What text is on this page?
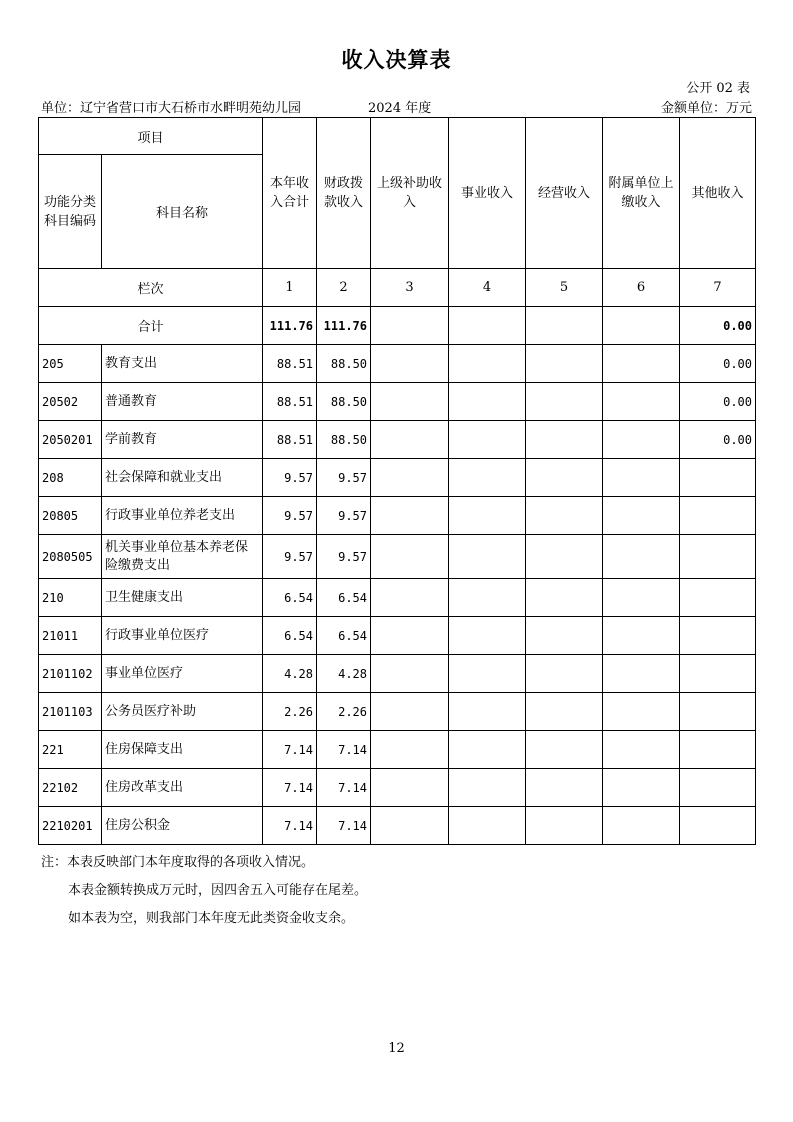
收入决算表
公开 02 表
单位：辽宁省营口市大石桥市水畔明苑幼儿园	2024 年度	金额单位：万元
项目		本年收入合计	财政拨款收入	上级补助收入	事业收入	经营收入	附属单位上缴收入	其他收入
功能分类科目编码	科目名称							
栏次		1	2	3	4	5	6	7
合计		111.76	111.76					0.00
205	教育支出	88.51	88.50					0.00
20502	普通教育	88.51	88.50					0.00
2050201	学前教育	88.51	88.50					0.00
208	社会保障和就业支出	9.57	9.57					
20805	行政事业单位养老支出	9.57	9.57					
2080505	机关事业单位基本养老保险缴费支出	9.57	9.57					
210	卫生健康支出	6.54	6.54					
21011	行政事业单位医疗	6.54	6.54					
2101102	事业单位医疗	4.28	4.28					
2101103	公务员医疗补助	2.26	2.26					
221	住房保障支出	7.14	7.14					
22102	住房改革支出	7.14	7.14					
2210201	住房公积金	7.14	7.14					
注：本表反映部门本年度取得的各项收入情况。
本表金额转换成万元时，因四舍五入可能存在尾差。
如本表为空，则我部门本年度无此类资金收支余。
12
